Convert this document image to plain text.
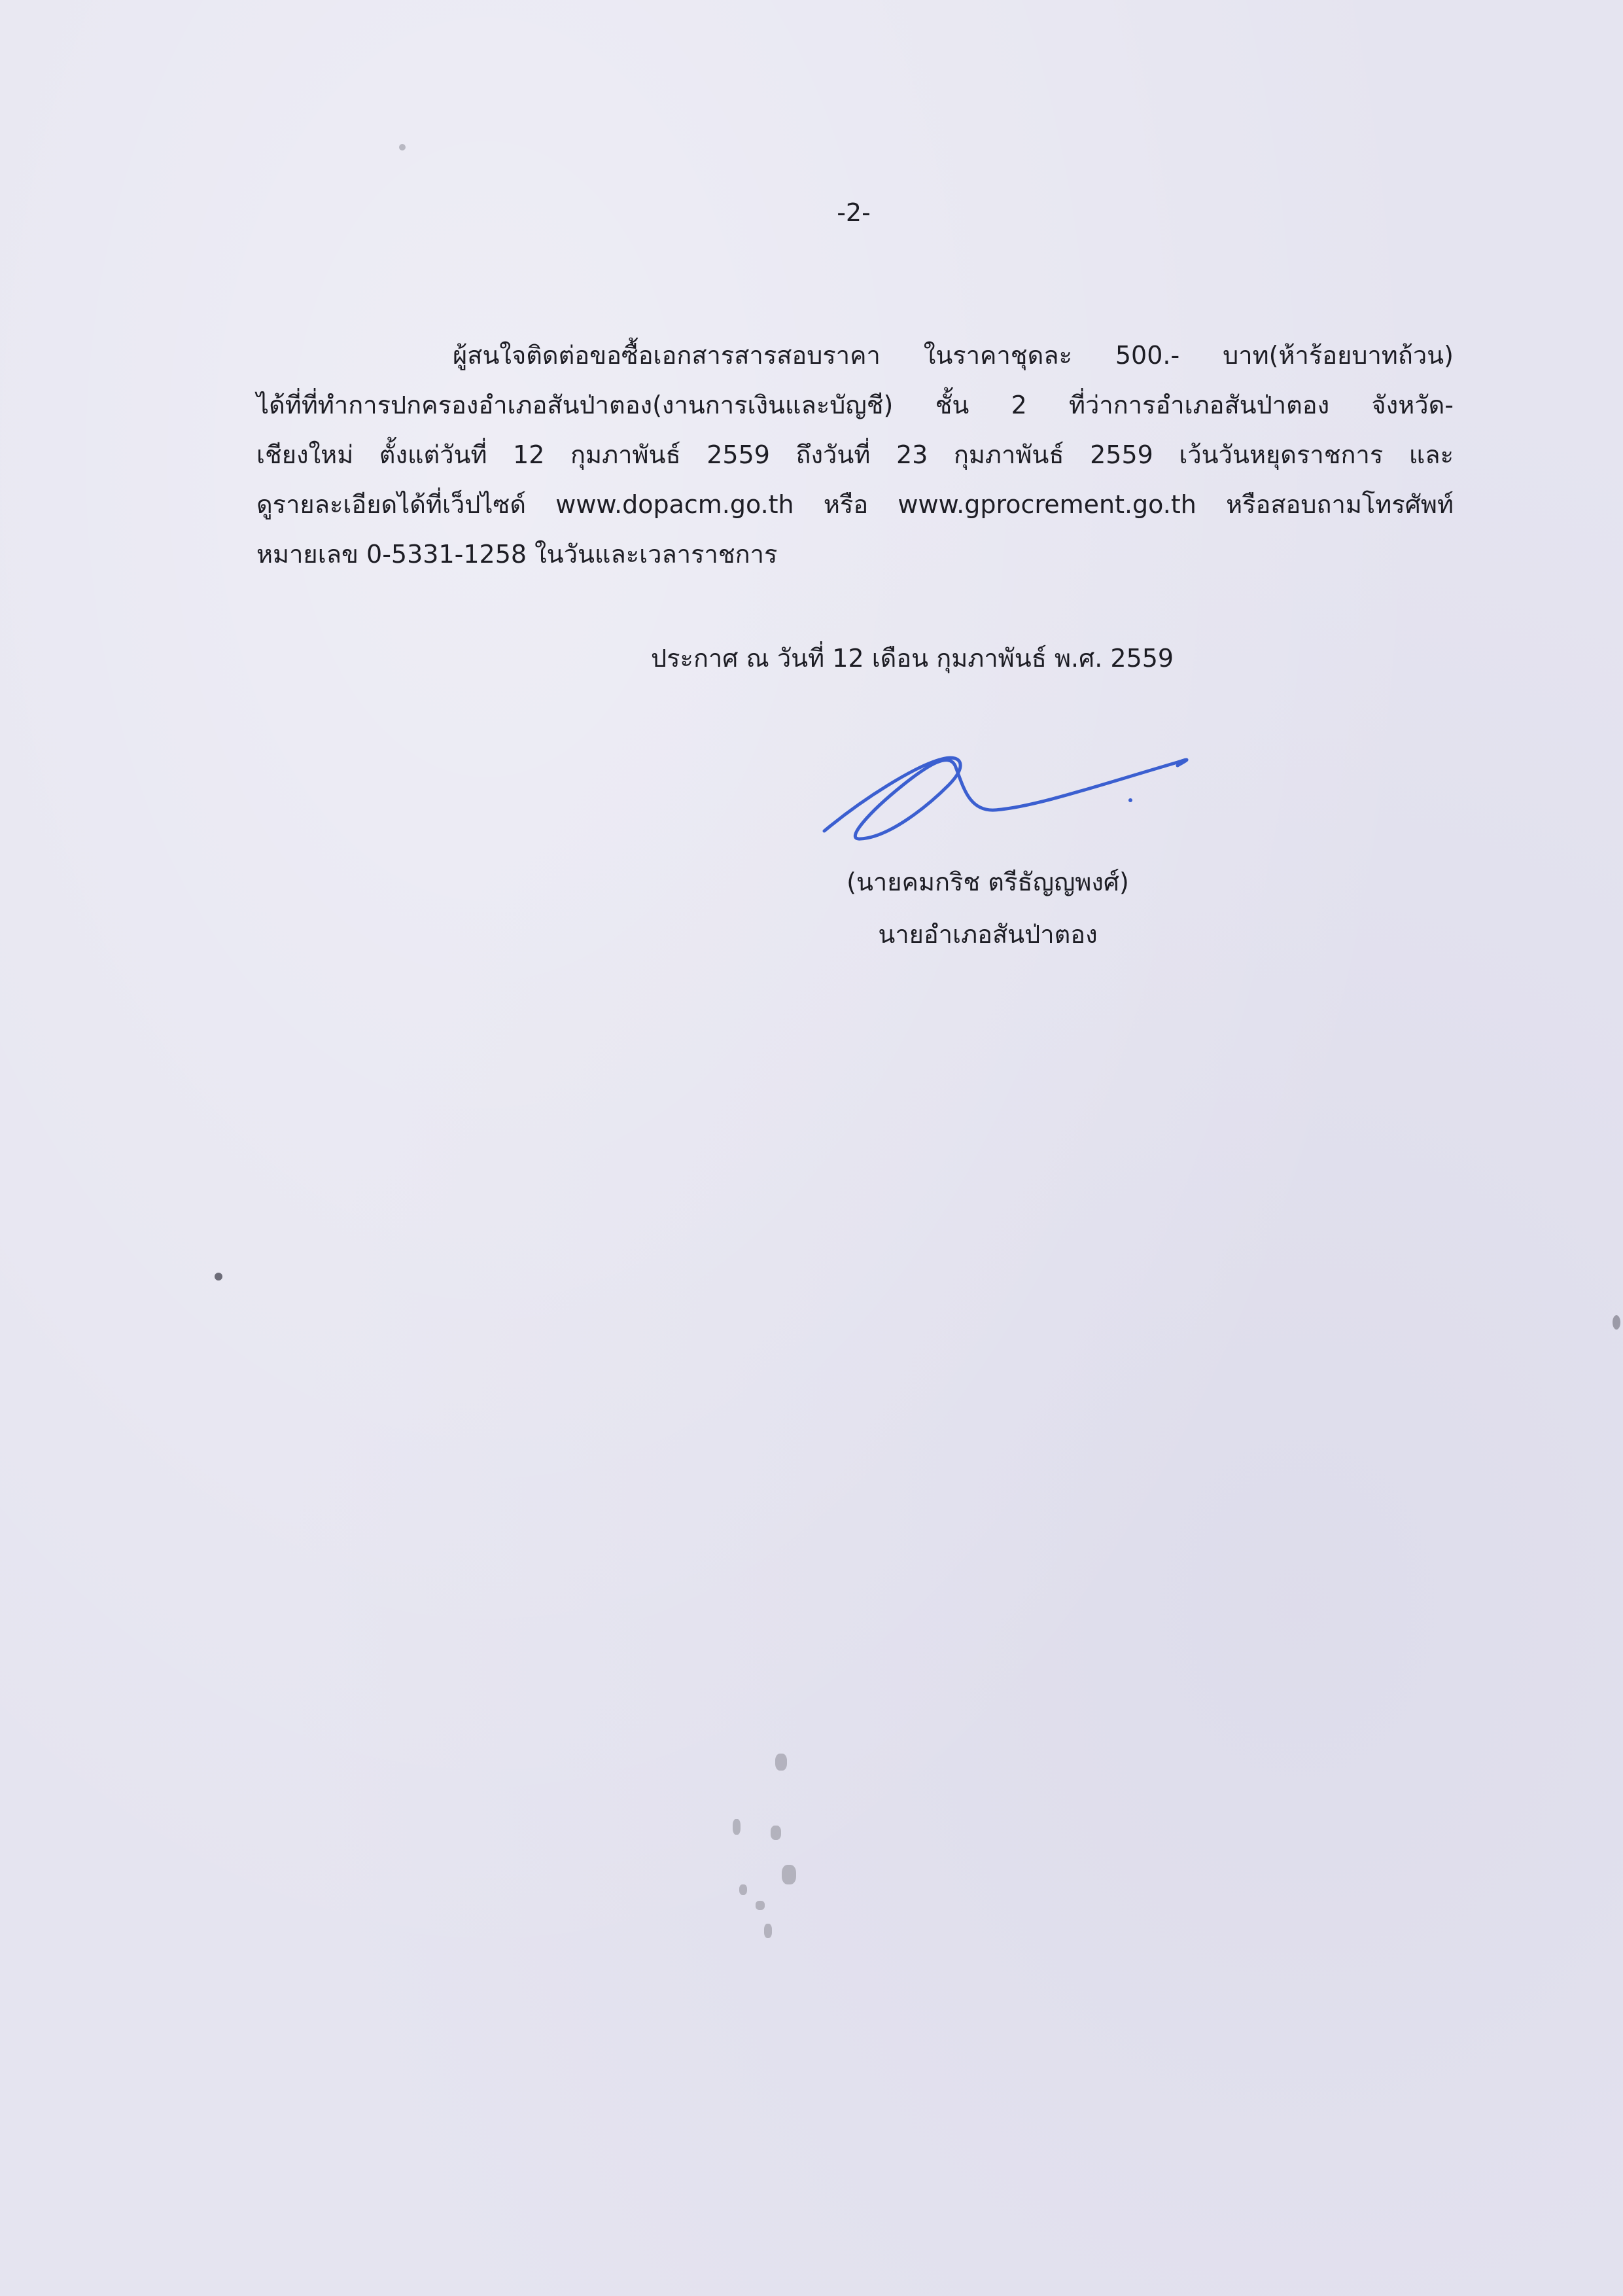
-2-
ผู้สนใจติดต่อขอซื้อเอกสารสารสอบราคา ในราคาชุดละ 500.- บาท(ห้าร้อยบาทถ้วน)
ได้ที่ที่ทำการปกครองอำเภอสันป่าตอง(งานการเงินและบัญชี) ชั้น 2 ที่ว่าการอำเภอสันป่าตอง จังหวัด-
เชียงใหม่ ตั้งแต่วันที่ 12 กุมภาพันธ์ 2559 ถึงวันที่ 23 กุมภาพันธ์ 2559 เว้นวันหยุดราชการ และ
ดูรายละเอียดได้ที่เว็ปไซด์ www.dopacm.go.th หรือ www.gprocrement.go.th หรือสอบถามโทรศัพท์
หมายเลข 0-5331-1258 ในวันและเวลาราชการ
ประกาศ ณ วันที่ 12 เดือน กุมภาพันธ์ พ.ศ. 2559
(นายคมกริช ตรีธัญญพงศ์)
นายอำเภอสันป่าตอง
